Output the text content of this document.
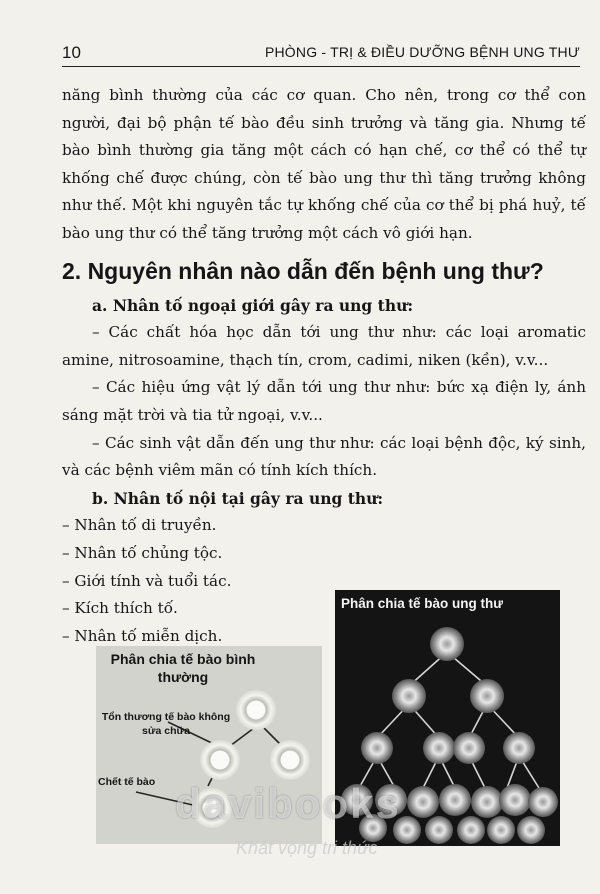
10	PHÒNG - TRỊ & ĐIỀU DƯỠNG BỆNH UNG THƯ

năng bình thường của các cơ quan. Cho nên, trong cơ thể con người, đại bộ phận tế bào đều sinh trưởng và tăng gia. Nhưng tế bào bình thường gia tăng một cách có hạn chế, cơ thể có thể tự khống chế được chúng, còn tế bào ung thư thì tăng trưởng không như thế. Một khi nguyên tắc tự khống chế của cơ thể bị phá huỷ, tế bào ung thư có thể tăng trưởng một cách vô giới hạn.

2. Nguyên nhân nào dẫn đến bệnh ung thư?
a. Nhân tố ngoại giới gây ra ung thư:

– Các chất hóa học dẫn tới ung thư như: các loại aromatic amine, nitrosoamine, thạch tín, crom, cadimi, niken (kền), v.v...

– Các hiệu ứng vật lý dẫn tới ung thư như: bức xạ điện ly, ánh sáng mặt trời và tia tử ngoại, v.v...

– Các sinh vật dẫn đến ung thư như: các loại bệnh độc, ký sinh, và các bệnh viêm mãn có tính kích thích.

b. Nhân tố nội tại gây ra ung thư:
– Nhân tố di truyền.
– Nhân tố chủng tộc.
– Giới tính và tuổi tác.
– Kích thích tố.
– Nhân tố miễn dịch.
Phân chia tế bào bình thường
Tổn thương tế bào không sửa chữa
Chết tế bào
Phân chia tế bào ung thư
davibooks
Khát vọng tri thức
